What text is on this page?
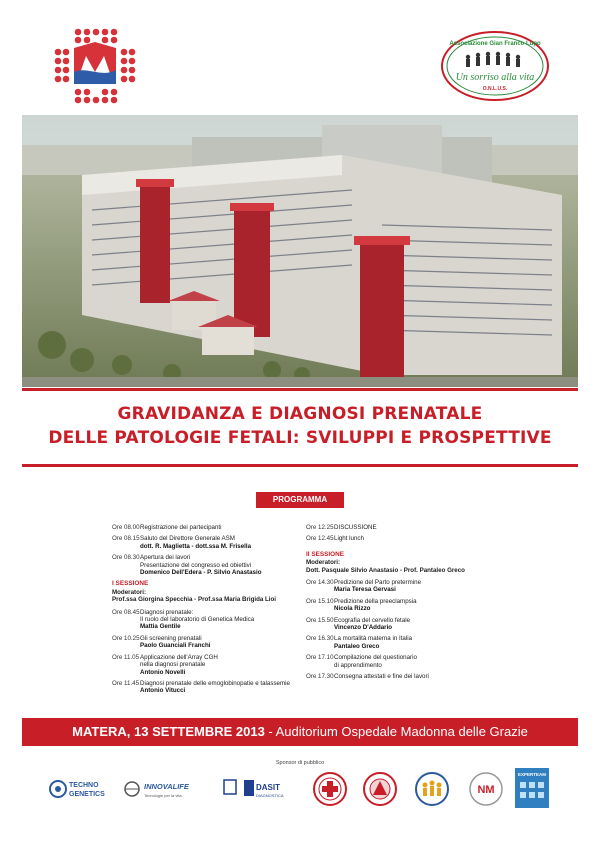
Associazione Gian Franco Lupo
Un sorriso alla vita
O.N.L.U.S.
GRAVIDANZA E DIAGNOSI PRENATALE
DELLE PATOLOGIE FETALI: SVILUPPI E PROSPETTIVE
PROGRAMMA
Ore 08.00 Registrazione dei partecipanti
Ore 08.15 Saluto del Direttore Generale ASM
dott. R. Maglietta - dott.ssa M. Frisella
Ore 08.30 Apertura dei lavori
Presentazione del congresso ed obiettivi
Domenico Dell'Edera - P. Silvio Anastasio
I SESSIONE
Moderatori:
Prof.ssa Giorgina Specchia - Prof.ssa Maria Brigida Lioi
Ore 08.45 Diagnosi prenatale:
Il ruolo del laboratorio di Genetica Medica
Mattia Gentile
Ore 10.25 Gli screening prenatali
Paolo Guanciali Franchi
Ore 11.05 Applicazione dell'Array CGH
nella diagnosi prenatale
Antonio Novelli
Ore 11.45 Diagnosi prenatale delle emoglobinopatie e talassemie
Antonio Vitucci
Ore 12.25 DISCUSSIONE
Ore 12.45 Light lunch
II SESSIONE
Moderatori:
Dott. Pasquale Silvio Anastasio - Prof. Pantaleo Greco
Ore 14.30 Predizione del Parto pretermine
Maria Teresa Gervasi
Ore 15.10 Predizione della preeclampsia
Nicola Rizzo
Ore 15.50 Ecografia del cervello fetale
Vincenzo D'Addario
Ore 16.30 La mortalità materna in Italia
Pantaleo Greco
Ore 17.10 Compilazione del questionario
di apprendimento
Ore 17.30 Consegna attestati e fine dei lavori
MATERA, 13 SETTEMBRE 2013 - Auditorium Ospedale Madonna delle Grazie
Sponsor di pubblico
TECHNO
GENETICS
INNOVALIFE
Tecnologie per la vita
DASIT
DIAGNOSTICA	NM
EXPERTEAM
